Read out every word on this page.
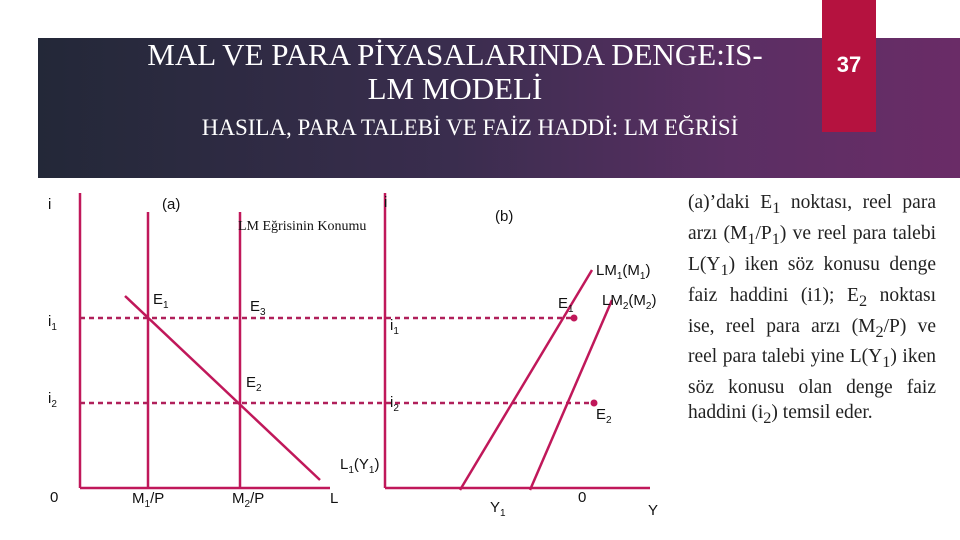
MAL VE PARA PİYASALARINDA DENGE:IS-LM MODELİ
HASILA, PARA TALEBİ VE FAİZ HADDİ: LM EĞRİSİ
37
i	(a)
$i_1$
$i_2$
0
$E_1$	$E_3$
$E_2$
$M_1/P$	$M_2/P$	L
$L_1(Y_1)$
i
LM Eğrisinin Konumu
(b)
$i_1$
$i_2$
0
$E_1$
$E_2$
$LM_1(M_1)$
$LM_2(M_2)$
$Y_1$	Y
(a)’daki $E_1$ noktası, reel para arzı $(M_1/P_1)$ ve reel para talebi $L(Y_1)$ iken söz konusu denge faiz haddini (i1); $E_2$ noktası ise, reel para arzı $(M_2/P)$ ve reel para talebi yine $L(Y_1)$ iken söz konusu olan denge faiz haddini $(i_2)$ temsil eder.
